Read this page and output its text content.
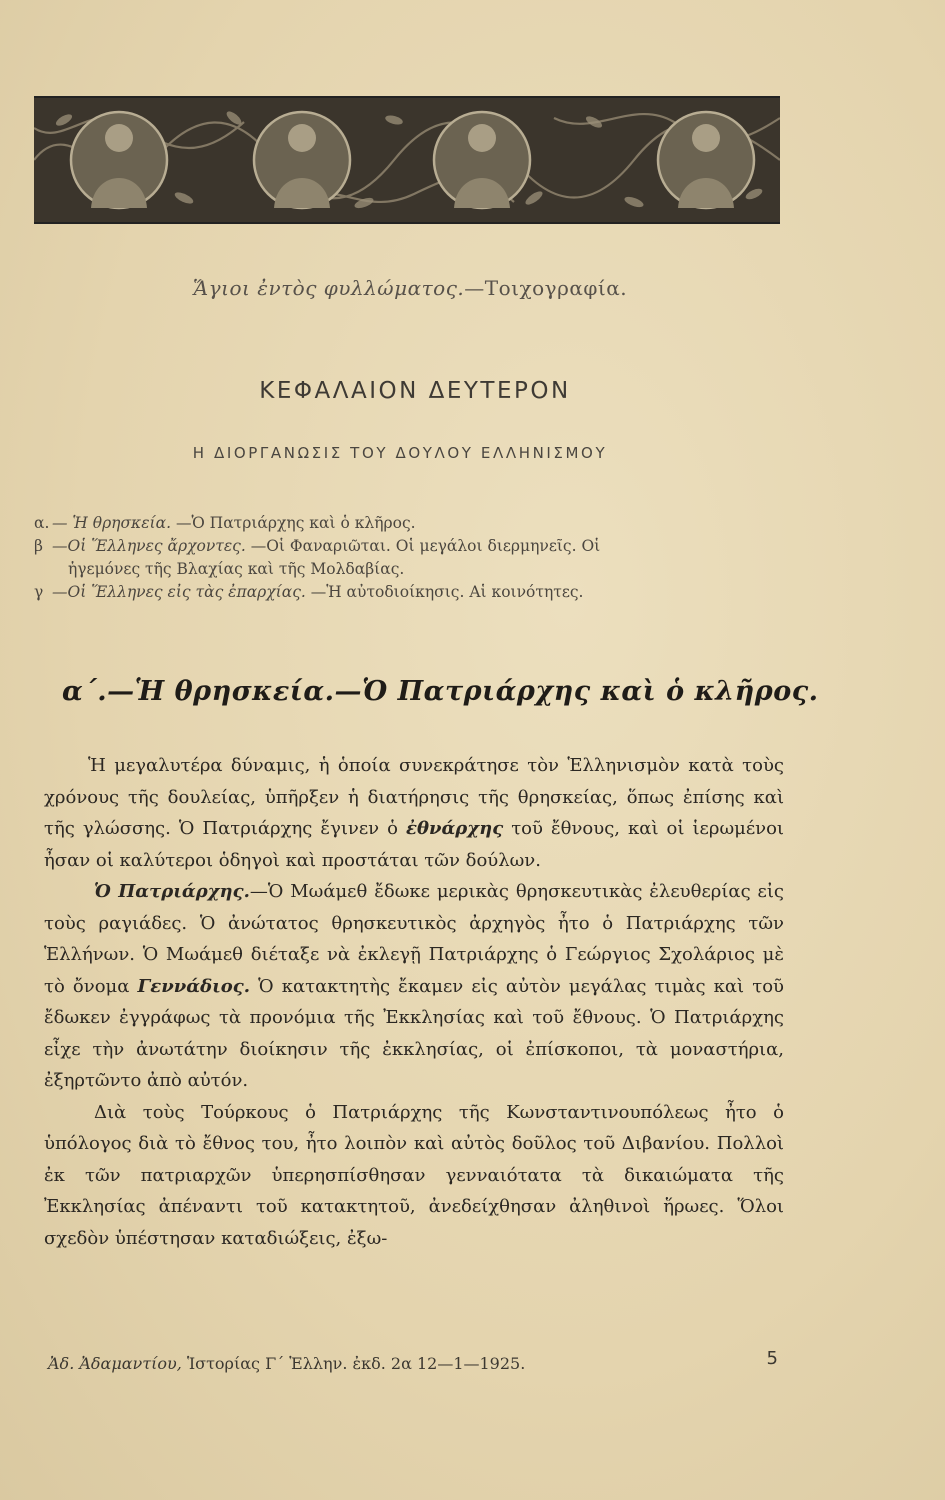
Ἅγιοι ἐντὸς φυλλώματος.—Τοιχογραφία.
ΚΕΦΑΛΑΙΟΝ ΔΕΥΤΕΡΟΝ
Η ΔΙΟΡΓΑΝΩΣΙΣ ΤΟΥ ΔΟΥΛΟΥ ΕΛΛΗΝΙΣΜΟΥ
α. — Ἡ θρησκεία. —Ὁ Πατριάρχης καὶ ὁ κλῆρος.
β —Οἱ Ἕλληνες ἄρχοντες. —Οἱ Φαναριῶται. Οἱ μεγάλοι διερμηνεῖς. Οἱ
ἡγεμόνες τῆς Βλαχίας καὶ τῆς Μολδαβίας.
γ —Οἱ Ἕλληνες εἰς τὰς ἐπαρχίας. —Ἡ αὐτοδιοίκησις. Αἱ κοινότητες.
α΄.—Ἡ θρησκεία.—Ὁ Πατριάρχης καὶ ὁ κλῆρος.

Ἡ μεγαλυτέρα δύναμις, ἡ ὁποία συνεκράτησε τὸν Ἑλληνισμὸν κατὰ τοὺς χρόνους τῆς δουλείας, ὑπῆρξεν ἡ διατήρησις τῆς θρησκείας, ὅπως ἐπίσης καὶ τῆς γλώσσης. Ὁ Πατριάρχης ἔγινεν ὁ ἐθνάρχης τοῦ ἔθνους, καὶ οἱ ἱερωμένοι ἦσαν οἱ καλύτεροι ὁδηγοὶ καὶ προστάται τῶν δούλων.

Ὁ Πατριάρχης.—Ὁ Μωάμεθ ἔδωκε μερικὰς θρησκευτικὰς ἐλευθερίας εἰς τοὺς ραγιάδες. Ὁ ἀνώτατος θρησκευτικὸς ἀρχηγὸς ἦτο ὁ Πατριάρχης τῶν Ἑλλήνων. Ὁ Μωάμεθ διέταξε νὰ ἐκλεγῇ Πατριάρχης ὁ Γεώργιος Σχολάριος μὲ τὸ ὄνομα Γεννάδιος. Ὁ κατακτητὴς ἔκαμεν εἰς αὐτὸν μεγάλας τιμὰς καὶ τοῦ ἔδωκεν ἐγγράφως τὰ προνόμια τῆς Ἐκκλησίας καὶ τοῦ ἔθνους. Ὁ Πατριάρχης εἶχε τὴν ἀνωτάτην διοίκησιν τῆς ἐκκλησίας, οἱ ἐπίσκοποι, τὰ μοναστήρια, ἐξηρτῶντο ἀπὸ αὐτόν.

Διὰ τοὺς Τούρκους ὁ Πατριάρχης τῆς Κωνσταντινουπόλεως ἦτο ὁ ὑπόλογος διὰ τὸ ἔθνος του, ἦτο λοιπὸν καὶ αὐτὸς δοῦλος τοῦ Διβανίου. Πολλοὶ ἐκ τῶν πατριαρχῶν ὑπερησπίσθησαν γενναιότατα τὰ δικαιώματα τῆς Ἐκκλησίας ἀπέναντι τοῦ κατακτητοῦ, ἀνεδείχθησαν ἀληθινοὶ ἥρωες. Ὅλοι σχεδὸν ὑπέστησαν καταδιώξεις, ἐξω-

Ἀδ. Ἀδαμαντίου, Ἱστορίας Γ΄ Ἑλλην. ἐκδ. 2α 12—1—1925.	5
